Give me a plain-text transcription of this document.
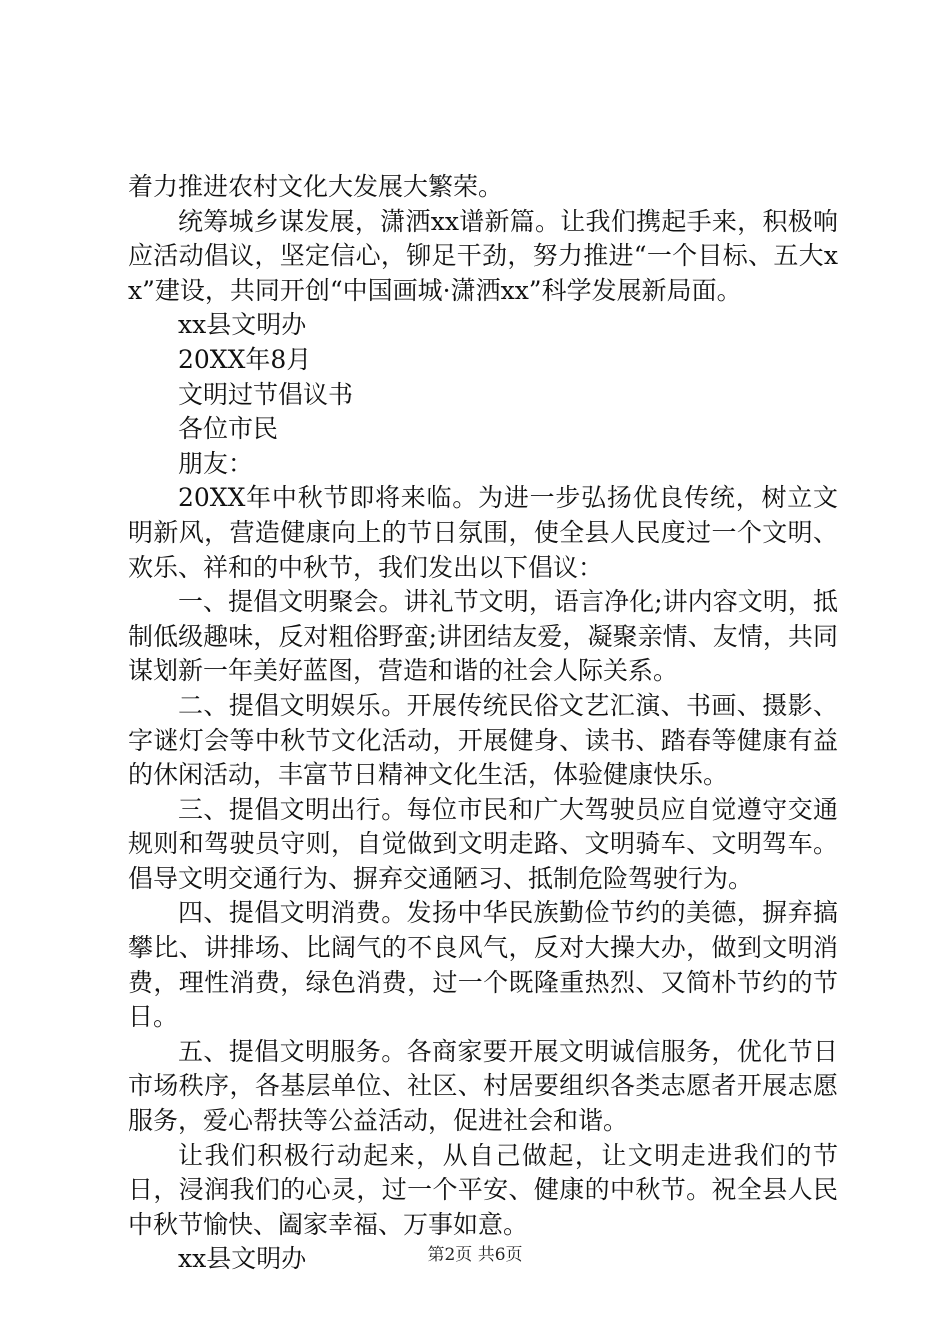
着力推进农村文化大发展大繁荣。

统筹城乡谋发展，潇洒xx谱新篇。让我们携起手来，积极响应活动倡议，坚定信心，铆足干劲，努力推进“一个目标、五大xx”建设，共同开创“中国画城·潇洒xx”科学发展新局面。

xx县文明办

20XX年8月

文明过节倡议书

各位市民

朋友：

20XX年中秋节即将来临。为进一步弘扬优良传统，树立文明新风，营造健康向上的节日氛围，使全县人民度过一个文明、欢乐、祥和的中秋节，我们发出以下倡议：

一、提倡文明聚会。讲礼节文明，语言净化;讲内容文明，抵制低级趣味，反对粗俗野蛮;讲团结友爱，凝聚亲情、友情，共同谋划新一年美好蓝图，营造和谐的社会人际关系。

二、提倡文明娱乐。开展传统民俗文艺汇演、书画、摄影、字谜灯会等中秋节文化活动，开展健身、读书、踏春等健康有益的休闲活动，丰富节日精神文化生活，体验健康快乐。

三、提倡文明出行。每位市民和广大驾驶员应自觉遵守交通规则和驾驶员守则，自觉做到文明走路、文明骑车、文明驾车。倡导文明交通行为、摒弃交通陋习、抵制危险驾驶行为。

四、提倡文明消费。发扬中华民族勤俭节约的美德，摒弃搞攀比、讲排场、比阔气的不良风气，反对大操大办，做到文明消费，理性消费，绿色消费，过一个既隆重热烈、又简朴节约的节日。

五、提倡文明服务。各商家要开展文明诚信服务，优化节日市场秩序，各基层单位、社区、村居要组织各类志愿者开展志愿服务，爱心帮扶等公益活动，促进社会和谐。

让我们积极行动起来，从自己做起，让文明走进我们的节日，浸润我们的心灵，过一个平安、健康的中秋节。祝全县人民中秋节愉快、阖家幸福、万事如意。

xx县文明办	第2页 共6页
